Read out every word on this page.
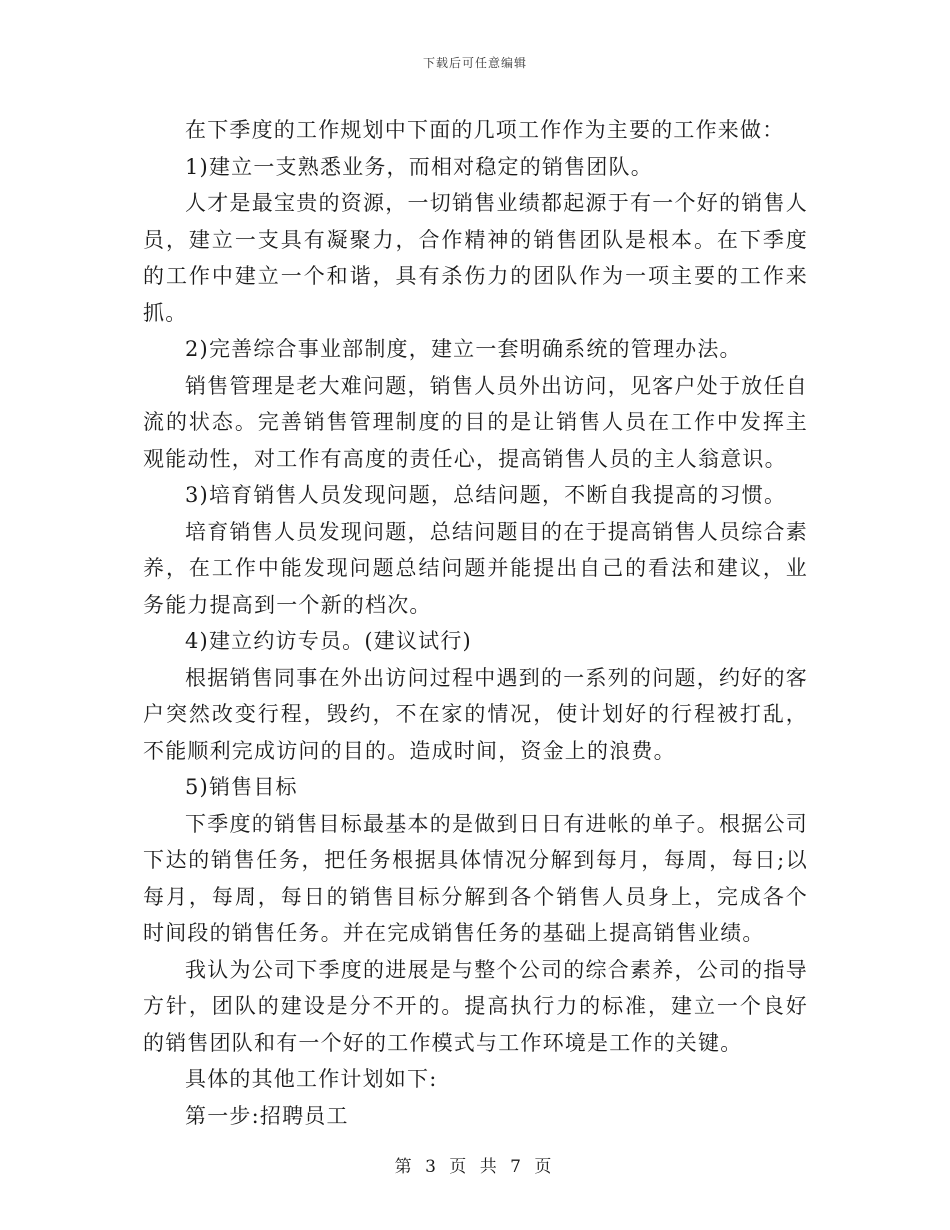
下载后可任意编辑

在下季度的工作规划中下面的几项工作作为主要的工作来做：

1)建立一支熟悉业务，而相对稳定的销售团队。

人才是最宝贵的资源，一切销售业绩都起源于有一个好的销售人员，建立一支具有凝聚力，合作精神的销售团队是根本。在下季度的工作中建立一个和谐，具有杀伤力的团队作为一项主要的工作来抓。

2)完善综合事业部制度，建立一套明确系统的管理办法。

销售管理是老大难问题，销售人员外出访问，见客户处于放任自流的状态。完善销售管理制度的目的是让销售人员在工作中发挥主观能动性，对工作有高度的责任心，提高销售人员的主人翁意识。

3)培育销售人员发现问题，总结问题，不断自我提高的习惯。

培育销售人员发现问题，总结问题目的在于提高销售人员综合素养，在工作中能发现问题总结问题并能提出自己的看法和建议，业务能力提高到一个新的档次。

4)建立约访专员。(建议试行)

根据销售同事在外出访问过程中遇到的一系列的问题，约好的客户突然改变行程，毁约，不在家的情况，使计划好的行程被打乱，不能顺利完成访问的目的。造成时间，资金上的浪费。

5)销售目标

下季度的销售目标最基本的是做到日日有进帐的单子。根据公司下达的销售任务，把任务根据具体情况分解到每月，每周，每日;以每月，每周，每日的销售目标分解到各个销售人员身上，完成各个时间段的销售任务。并在完成销售任务的基础上提高销售业绩。

我认为公司下季度的进展是与整个公司的综合素养，公司的指导方针，团队的建设是分不开的。提高执行力的标准，建立一个良好的销售团队和有一个好的工作模式与工作环境是工作的关键。

具体的其他工作计划如下:

第一步:招聘员工

第 3 页 共 7 页
